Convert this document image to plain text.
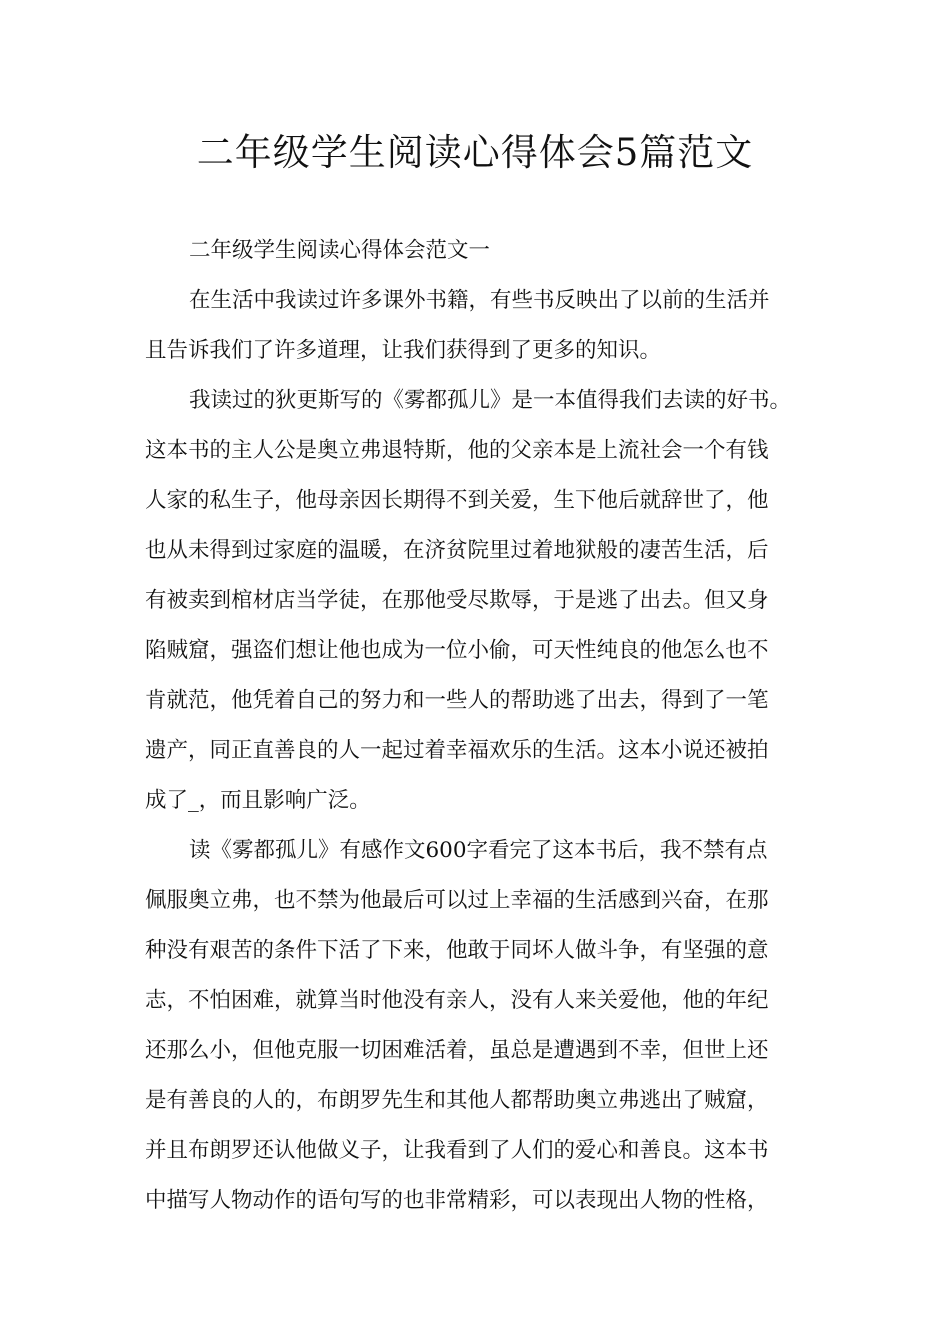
二年级学生阅读心得体会5篇范文
二年级学生阅读心得体会范文一

在生活中我读过许多课外书籍，有些书反映出了以前的生活并
且告诉我们了许多道理，让我们获得到了更多的知识。

我读过的狄更斯写的《雾都孤儿》是一本值得我们去读的好书。
这本书的主人公是奥立弗退特斯，他的父亲本是上流社会一个有钱
人家的私生子，他母亲因长期得不到关爱，生下他后就辞世了，他
也从未得到过家庭的温暖，在济贫院里过着地狱般的凄苦生活，后
有被卖到棺材店当学徒，在那他受尽欺辱，于是逃了出去。但又身
陷贼窟，强盗们想让他也成为一位小偷，可天性纯良的他怎么也不
肯就范，他凭着自己的努力和一些人的帮助逃了出去，得到了一笔
遗产，同正直善良的人一起过着幸福欢乐的生活。这本小说还被拍
成了_，而且影响广泛。

读《雾都孤儿》有感作文600字看完了这本书后，我不禁有点
佩服奥立弗，也不禁为他最后可以过上幸福的生活感到兴奋，在那
种没有艰苦的条件下活了下来，他敢于同坏人做斗争，有坚强的意
志，不怕困难，就算当时他没有亲人，没有人来关爱他，他的年纪
还那么小，但他克服一切困难活着，虽总是遭遇到不幸，但世上还
是有善良的人的，布朗罗先生和其他人都帮助奥立弗逃出了贼窟，
并且布朗罗还认他做义子，让我看到了人们的爱心和善良。这本书
中描写人物动作的语句写的也非常精彩，可以表现出人物的性格，
